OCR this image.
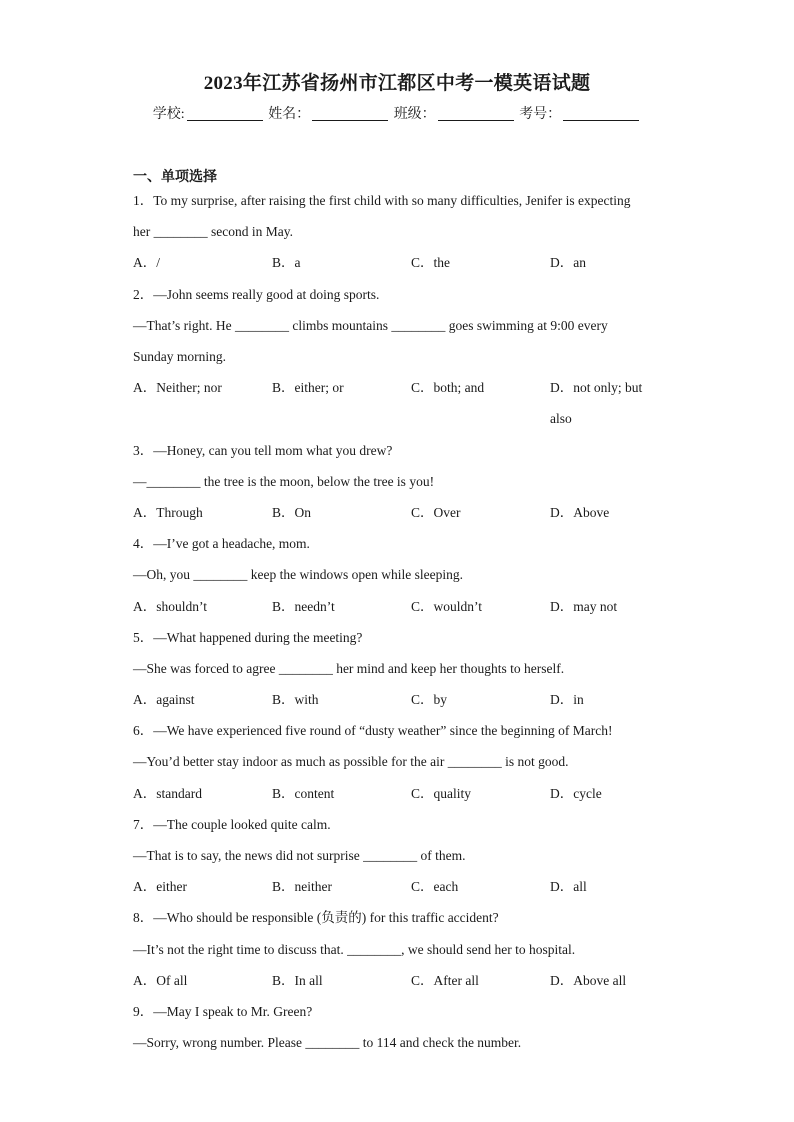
2023年江苏省扬州市江都区中考一模英语试题
学校:	姓名：	班级：	考号：
一、单项选择
1．To my surprise, after raising the first child with so many difficulties, Jenifer is expecting
her ________ second in May.
A．/	B．a	C．the	D．an
2．—John seems really good at doing sports.
—That’s right. He ________ climbs mountains ________ goes swimming at 9:00 every
Sunday morning.
A．Neither; nor	B．either; or	C．both; and	D．not only; but also
3．—Honey, can you tell mom what you drew?
—________ the tree is the moon, below the tree is you!
A．Through	B．On	C．Over	D．Above
4．—I’ve got a headache, mom.
—Oh, you ________ keep the windows open while sleeping.
A．shouldn’t	B．needn’t	C．wouldn’t	D．may not
5．—What happened during the meeting?
—She was forced to agree ________ her mind and keep her thoughts to herself.
A．against	B．with	C．by	D．in
6．—We have experienced five round of “dusty weather” since the beginning of March!
—You’d better stay indoor as much as possible for the air ________ is not good.
A．standard	B．content	C．quality	D．cycle
7．—The couple looked quite calm.
—That is to say, the news did not surprise ________ of them.
A．either	B．neither	C．each	D．all
8．—Who should be responsible (负责的) for this traffic accident?
—It’s not the right time to discuss that. ________, we should send her to hospital.
A．Of all	B．In all	C．After all	D．Above all
9．—May I speak to Mr. Green?
—Sorry, wrong number. Please ________ to 114 and check the number.
